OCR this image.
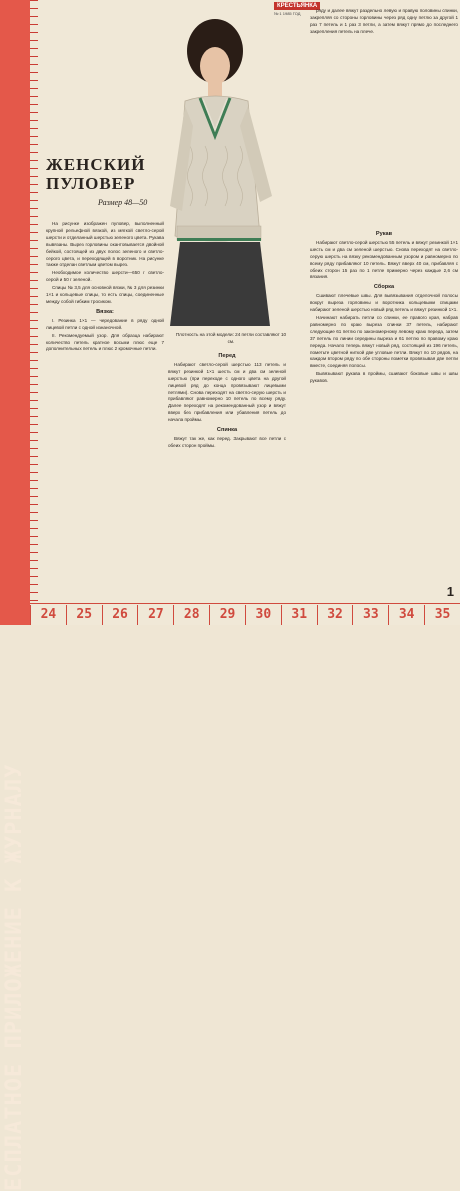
ЕСПЛАТНОЕ ПРИЛОЖЕНИЕ К ЖУРНАЛУ
КРЕСТЬЯНКА
№ 1 1985 ГОД
ЖЕНСКИЙ
ПУЛОВЕР
Размер 48—50

На рисунке изображен пуловер, выполненный крупной рельефной вязкой, из мягкой светло-серой шерсти и отделанный шерстью зеленого цвета. Рукава вывязаны. Вырез горловины окантовывается двойной бейкой, состоящей из двух полос зеленого и светло-серого цвета, и переходящей в воротник. На рисунке также отделан светлым цветом вырез.

Необходимое количество шерсти—650 г светло-серой и 50 г зеленой.

Спицы № 3,5 для основной вязки, № 3 для резинки 1×1 и кольцевые спицы, то есть спицы, соединенные между собой гибким тросиком.

Вязка:

I. Резинка 1×1 — чередование в ряду одной лицевой петли с одной изнаночной.

II. Рекомендуемый узор. Для образца набирают количество петель кратное восьми плюс еще 7 дополнительных петель и плюс 2 кромочные петли.

Плотность на этой модели: 24 петли составляют 10 см.

Перед

Набирают светло-серой шерстью 113 петель и вяжут резинкой 1×1 шесть см и два см зеленой шерстью (при переходе с одного цвета на другой лицевой ряд до конца провязывают лицевыми петлями). Снова переходят на светло-серую шерсть и прибавляют равномерно 10 петель по всему ряду. Далее переходят на рекомендованный узор и вяжут вверх без прибавления или убавления петель до начала проймы.

Спинка

Вяжут так же, как перед. Закрывают все петли с обеих сторон проймы.

ряду и далее вяжут раздельно левую и правую половины спинки, закрепляя со стороны горловины через ряд одну петлю за другой 1 раз 7 петель и 1 раз 3 петли, а затем вяжут прямо до последнего закрепления петель на плече.

Рукав

Набирают светло-серой шерстью 55 петель и вяжут резинкой 1×1 шесть см и два см зеленой шерстью. Снова переходят на светло-серую шерсть на вязку рекомендованным узором и равномерно по всему ряду прибавляют 10 петель. Вяжут вверх 40 см, прибавляя с обеих сторон 15 раз по 1 петле примерно через каждые 2,6 см вязания.

Сборка

Сшивают плечевые швы. Для вывязывания отделочной полосы вокруг выреза горловины и воротника кольцевыми спицами набирают зеленой шерстью новый ряд петель и вяжут резинкой 1×1.

Начинают набирать петли со спинки, ее правого края, набрав равномерно по краю выреза спинки 37 петель, набирают следующие 61 петлю по закономерному левому краю переда, затем 37 петель по линии середины выреза и 61 петлю по правому краю переда. Начало теперь вяжут новый ряд, состоящий из 196 петель, пометьте цветной ниткой две угловые петли. Вяжут по 10 рядов, на каждом втором ряду по обе стороны пометки провязывая две петли вместе, соединяя полосы.

Вывязывают рукава в проймы, сшивают боковые швы и швы рукавов.

1
24	25	26	27	28	29	30	31	32	33	34	35
